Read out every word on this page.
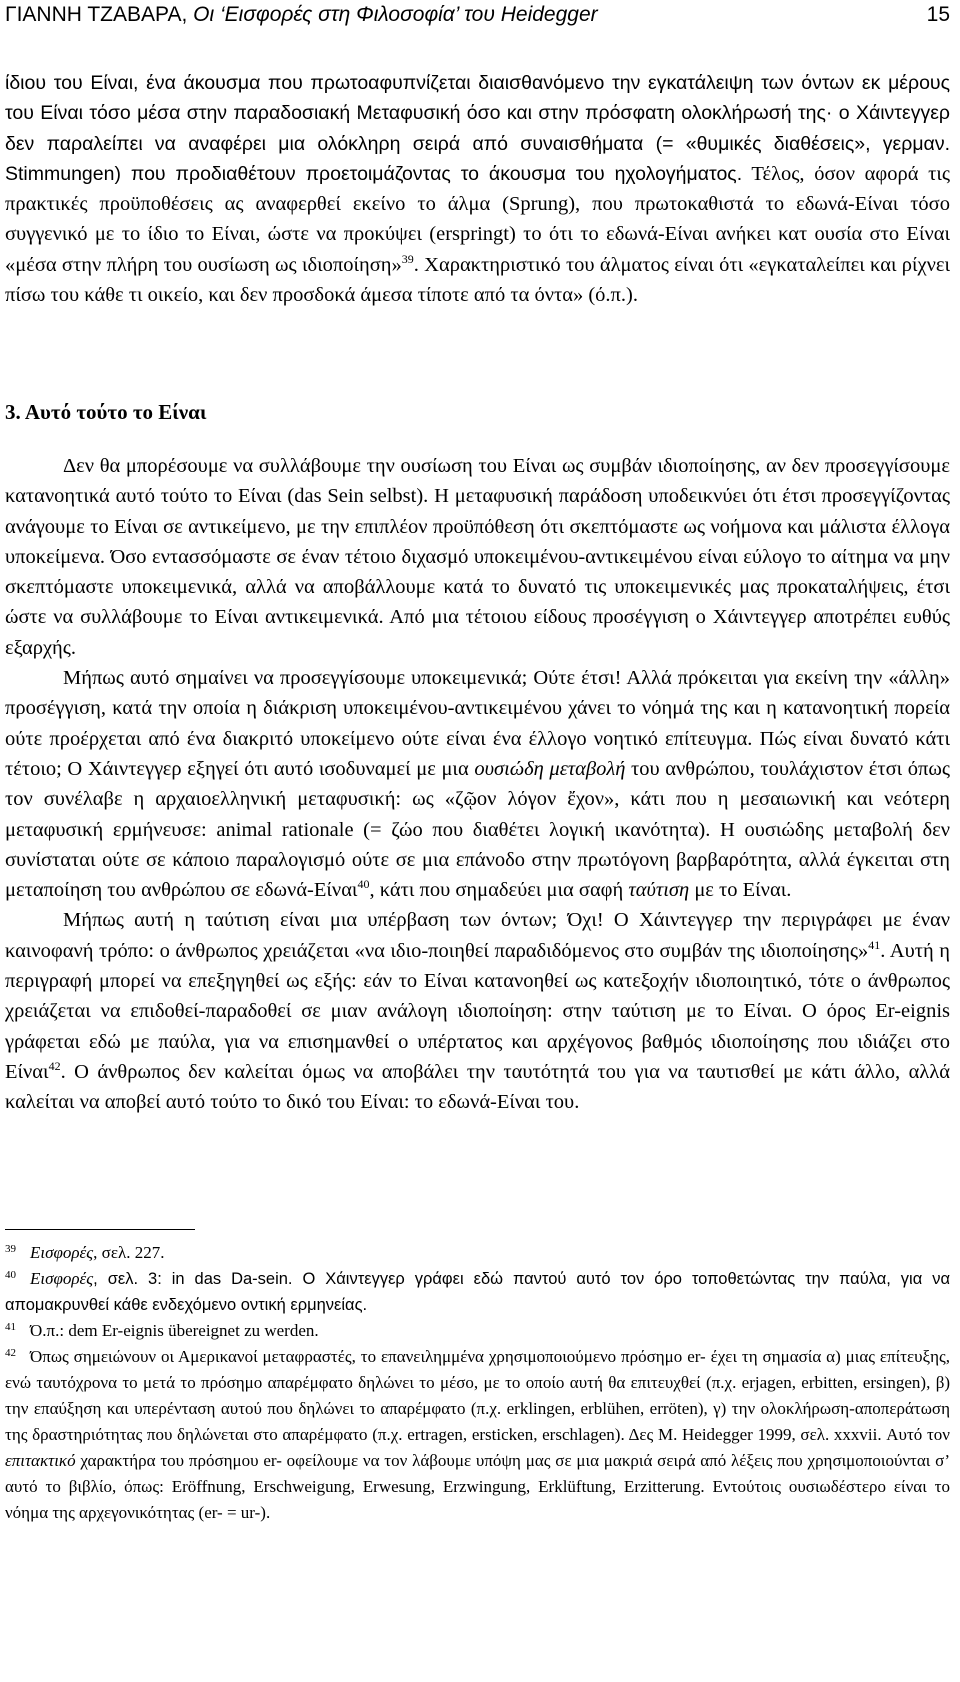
ΓΙΑΝΝΗ ΤΖΑΒΑΡΑ, Οι ‘Εισφορές στη Φιλοσοφία’ του Heidegger	15

ίδιου του Είναι, ένα άκουσμα που πρωτοαφυπνίζεται διαισθανόμενο την εγκατάλειψη των όντων εκ μέρους του Είναι τόσο μέσα στην παραδοσιακή Μεταφυσική όσο και στην πρόσφατη ολοκλήρωσή της· ο Χάιντεγγερ δεν παραλείπει να αναφέρει μια ολόκληρη σειρά από συναισθήματα (= «θυμικές διαθέσεις», γερμαν. Stimmungen) που προδιαθέτουν προετοιμάζοντας το άκουσμα του ηχολογήματος. Τέλος, όσον αφορά τις πρακτικές προϋποθέσεις ας αναφερθεί εκείνο το άλμα (Sprung), που πρωτοκαθιστά το εδωνά-Είναι τόσο συγγενικό με το ίδιο το Είναι, ώστε να προκύψει (erspringt) το ότι το εδωνά-Είναι ανήκει κατ ουσία στο Είναι «μέσα στην πλήρη του ουσίωση ως ιδιοποίηση»$^{39}$. Χαρακτηριστικό του άλματος είναι ότι «εγκαταλείπει και ρίχνει πίσω του κάθε τι οικείο, και δεν προσδοκά άμεσα τίποτε από τα όντα» (ό.π.).

3. Αυτό τούτο το Είναι

Δεν θα μπορέσουμε να συλλάβουμε την ουσίωση του Είναι ως συμβάν ιδιοποίησης, αν δεν προσεγγίσουμε κατανοητικά αυτό τούτο το Είναι (das Sein selbst). Η μεταφυσική παράδοση υποδεικνύει ότι έτσι προσεγγίζοντας ανάγουμε το Είναι σε αντικείμενο, με την επιπλέον προϋπόθεση ότι σκεπτόμαστε ως νοήμονα και μάλιστα έλλογα υποκείμενα. Όσο εντασσόμαστε σε έναν τέτοιο διχασμό υποκειμένου-αντικειμένου είναι εύλογο το αίτημα να μην σκεπτόμαστε υποκειμενικά, αλλά να αποβάλλουμε κατά το δυνατό τις υποκειμενικές μας προκαταλήψεις, έτσι ώστε να συλλάβουμε το Είναι αντικειμενικά. Από μια τέτοιου είδους προσέγγιση ο Χάιντεγγερ αποτρέπει ευθύς εξαρχής.

Μήπως αυτό σημαίνει να προσεγγίσουμε υποκειμενικά; Ούτε έτσι! Αλλά πρόκειται για εκείνη την «άλλη» προσέγγιση, κατά την οποία η διάκριση υποκειμένου-αντικειμένου χάνει το νόημά της και η κατανοητική πορεία ούτε προέρχεται από ένα διακριτό υποκείμενο ούτε είναι ένα έλλογο νοητικό επίτευγμα. Πώς είναι δυνατό κάτι τέτοιο; Ο Χάιντεγγερ εξηγεί ότι αυτό ισοδυναμεί με μια ουσιώδη μεταβολή του ανθρώπου, τουλάχιστον έτσι όπως τον συνέλαβε η αρχαιοελληνική μεταφυσική: ως «ζῷον λόγον ἔχον», κάτι που η μεσαιωνική και νεότερη μεταφυσική ερμήνευσε: animal rationale (= ζώο που διαθέτει λογική ικανότητα). Η ουσιώδης μεταβολή δεν συνίσταται ούτε σε κάποιο παραλογισμό ούτε σε μια επάνοδο στην πρωτόγονη βαρβαρότητα, αλλά έγκειται στη μεταποίηση του ανθρώπου σε εδωνά-Είναι$^{40}$, κάτι που σημαδεύει μια σαφή ταύτιση με το Είναι.

Μήπως αυτή η ταύτιση είναι μια υπέρβαση των όντων; Όχι! Ο Χάιντεγγερ την περιγράφει με έναν καινοφανή τρόπο: ο άνθρωπος χρειάζεται «να ιδιο-ποιηθεί παραδιδόμενος στο συμβάν της ιδιοποίησης»$^{41}$. Αυτή η περιγραφή μπορεί να επεξηγηθεί ως εξής: εάν το Είναι κατανοηθεί ως κατεξοχήν ιδιοποιητικό, τότε ο άνθρωπος χρειάζεται να επιδοθεί-παραδοθεί σε μιαν ανάλογη ιδιοποίηση: στην ταύτιση με το Είναι. Ο όρος Er-eignis γράφεται εδώ με παύλα, για να επισημανθεί ο υπέρτατος και αρχέγονος βαθμός ιδιοποίησης που ιδιάζει στο Είναι$^{42}$. Ο άνθρωπος δεν καλείται όμως να αποβάλει την ταυτότητά του για να ταυτισθεί με κάτι άλλο, αλλά καλείται να αποβεί αυτό τούτο το δικό του Είναι: το εδωνά-Είναι του.

$^{39}$ Εισφορές, σελ. 227.

$^{40}$ Εισφορές, σελ. 3: in das Da-sein. Ο Χάιντεγγερ γράφει εδώ παντού αυτό τον όρο τοποθετώντας την παύλα, για να απομακρυνθεί κάθε ενδεχόμενο οντική ερμηνείας.

$^{41}$ Ό.π.: dem Er-eignis übereignet zu werden.

$^{42}$ Όπως σημειώνουν οι Αμερικανοί μεταφραστές, το επανειλημμένα χρησιμοποιούμενο πρόσημο er- έχει τη σημασία α) μιας επίτευξης, ενώ ταυτόχρονα το μετά το πρόσημο απαρέμφατο δηλώνει το μέσο, με το οποίο αυτή θα επιτευχθεί (π.χ. erjagen, erbitten, ersingen), β) την επαύξηση και υπερένταση αυτού που δηλώνει το απαρέμφατο (π.χ. erklingen, erblühen, erröten), γ) την ολοκλήρωση-αποπεράτωση της δραστηριότητας που δηλώνεται στο απαρέμφατο (π.χ. ertragen, ersticken, erschlagen). Δες M. Heidegger 1999, σελ. xxxvii. Αυτό τον επιτακτικό χαρακτήρα του πρόσημου er- οφείλουμε να τον λάβουμε υπόψη μας σε μια μακριά σειρά από λέξεις που χρησιμοποιούνται σ’ αυτό το βιβλίο, όπως: Eröffnung, Erschweigung, Erwesung, Erzwingung, Erklüftung, Erzitterung. Εντούτοις ουσιωδέστερο είναι το νόημα της αρχεγονικότητας (er- = ur-).
